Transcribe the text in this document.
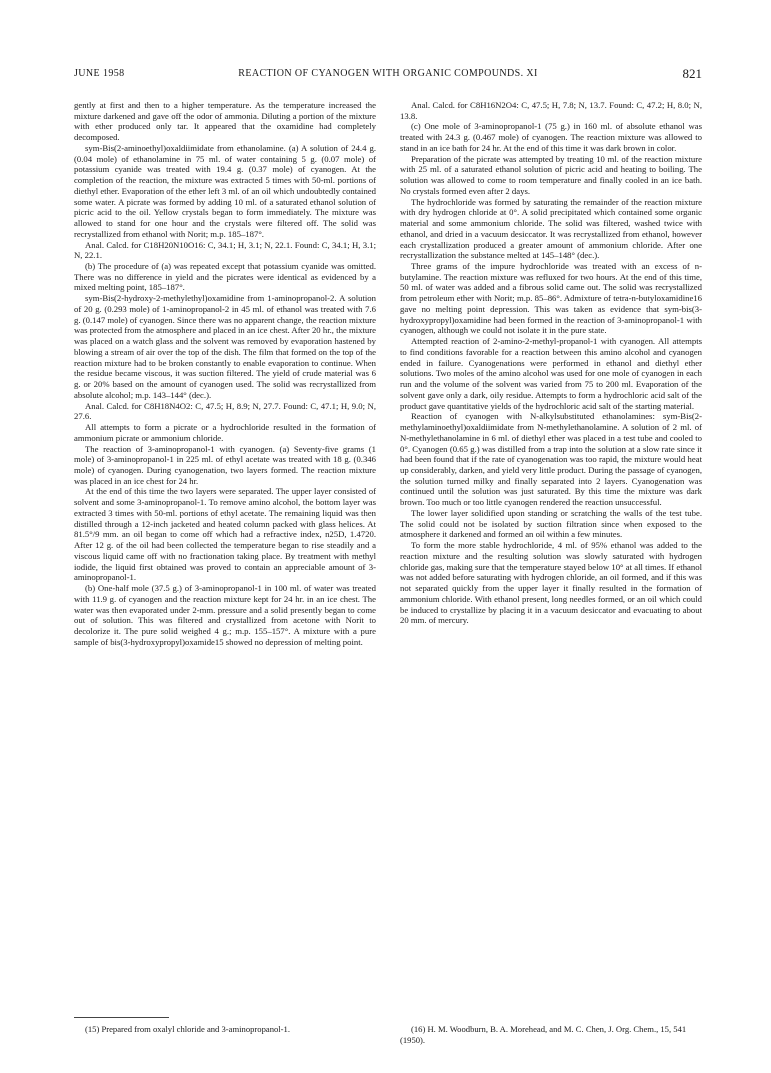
JUNE 1958	REACTION OF CYANOGEN WITH ORGANIC COMPOUNDS. XI	821

gently at first and then to a higher temperature. As the temperature increased the mixture darkened and gave off the odor of ammonia. Diluting a portion of the mixture with ether produced only tar. It appeared that the oxamidine had completely decomposed.

sym-Bis(2-aminoethyl)oxaldiimidate from ethanolamine. (a) A solution of 24.4 g. (0.04 mole) of ethanolamine in 75 ml. of water containing 5 g. (0.07 mole) of potassium cyanide was treated with 19.4 g. (0.37 mole) of cyanogen. At the completion of the reaction, the mixture was extracted 5 times with 50-ml. portions of diethyl ether. Evaporation of the ether left 3 ml. of an oil which undoubtedly contained some water. A picrate was formed by adding 10 ml. of a saturated ethanol solution of picric acid to the oil. Yellow crystals began to form immediately. The mixture was allowed to stand for one hour and the crystals were filtered off. The solid was recrystallized from ethanol with Norit; m.p. 185–187°.

Anal. Calcd. for C18H20N10O16: C, 34.1; H, 3.1; N, 22.1. Found: C, 34.1; H, 3.1; N, 22.1.

(b) The procedure of (a) was repeated except that potassium cyanide was omitted. There was no difference in yield and the picrates were identical as evidenced by a mixed melting point, 185–187°.

sym-Bis(2-hydroxy-2-methylethyl)oxamidine from 1-aminopropanol-2. A solution of 20 g. (0.293 mole) of 1-aminopropanol-2 in 45 ml. of ethanol was treated with 7.6 g. (0.147 mole) of cyanogen. Since there was no apparent change, the reaction mixture was protected from the atmosphere and placed in an ice chest. After 20 hr., the mixture was placed on a watch glass and the solvent was removed by evaporation hastened by blowing a stream of air over the top of the dish. The film that formed on the top of the reaction mixture had to be broken constantly to enable evaporation to continue. When the residue became viscous, it was suction filtered. The yield of crude material was 6 g. or 20% based on the amount of cyanogen used. The solid was recrystallized from absolute alcohol; m.p. 143–144° (dec.).

Anal. Calcd. for C8H18N4O2: C, 47.5; H, 8.9; N, 27.7. Found: C, 47.1; H, 9.0; N, 27.6.

All attempts to form a picrate or a hydrochloride resulted in the formation of ammonium picrate or ammonium chloride.

The reaction of 3-aminopropanol-1 with cyanogen. (a) Seventy-five grams (1 mole) of 3-aminopropanol-1 in 225 ml. of ethyl acetate was treated with 18 g. (0.346 mole) of cyanogen. During cyanogenation, two layers formed. The reaction mixture was placed in an ice chest for 24 hr.

At the end of this time the two layers were separated. The upper layer consisted of solvent and some 3-aminopropanol-1. To remove amino alcohol, the bottom layer was extracted 3 times with 50-ml. portions of ethyl acetate. The remaining liquid was then distilled through a 12-inch jacketed and heated column packed with glass helices. At 81.5°/9 mm. an oil began to come off which had a refractive index, n25D, 1.4720. After 12 g. of the oil had been collected the temperature began to rise steadily and a viscous liquid came off with no fractionation taking place. By treatment with methyl iodide, the liquid first obtained was proved to contain an appreciable amount of 3-aminopropanol-1.

(b) One-half mole (37.5 g.) of 3-aminopropanol-1 in 100 ml. of water was treated with 11.9 g. of cyanogen and the reaction mixture kept for 24 hr. in an ice chest. The water was then evaporated under 2-mm. pressure and a solid presently began to come out of solution. This was filtered and crystallized from acetone with Norit to decolorize it. The pure solid weighed 4 g.; m.p. 155–157°. A mixture with a pure sample of bis(3-hydroxypropyl)oxamide15 showed no depression of melting point.

Anal. Calcd. for C8H16N2O4: C, 47.5; H, 7.8; N, 13.7. Found: C, 47.2; H, 8.0; N, 13.8.

(c) One mole of 3-aminopropanol-1 (75 g.) in 160 ml. of absolute ethanol was treated with 24.3 g. (0.467 mole) of cyanogen. The reaction mixture was allowed to stand in an ice bath for 24 hr. At the end of this time it was dark brown in color.

Preparation of the picrate was attempted by treating 10 ml. of the reaction mixture with 25 ml. of a saturated ethanol solution of picric acid and heating to boiling. The solution was allowed to come to room temperature and finally cooled in an ice bath. No crystals formed even after 2 days.

The hydrochloride was formed by saturating the remainder of the reaction mixture with dry hydrogen chloride at 0°. A solid precipitated which contained some organic material and some ammonium chloride. The solid was filtered, washed twice with ethanol, and dried in a vacuum desiccator. It was recrystallized from ethanol, however each crystallization produced a greater amount of ammonium chloride. After one recrystallization the substance melted at 145–148° (dec.).

Three grams of the impure hydrochloride was treated with an excess of n-butylamine. The reaction mixture was refluxed for two hours. At the end of this time, 50 ml. of water was added and a fibrous solid came out. The solid was recrystallized from petroleum ether with Norit; m.p. 85–86°. Admixture of tetra-n-butyloxamidine16 gave no melting point depression. This was taken as evidence that sym-bis(3-hydroxypropyl)oxamidine had been formed in the reaction of 3-aminopropanol-1 with cyanogen, although we could not isolate it in the pure state.

Attempted reaction of 2-amino-2-methyl-propanol-1 with cyanogen. All attempts to find conditions favorable for a reaction between this amino alcohol and cyanogen ended in failure. Cyanogenations were performed in ethanol and diethyl ether solutions. Two moles of the amino alcohol was used for one mole of cyanogen in each run and the volume of the solvent was varied from 75 to 200 ml. Evaporation of the solvent gave only a dark, oily residue. Attempts to form a hydrochloric acid salt of the product gave quantitative yields of the hydrochloric acid salt of the starting material.

Reaction of cyanogen with N-alkylsubstituted ethanolamines: sym-Bis(2-methylaminoethyl)oxaldiimidate from N-methylethanolamine. A solution of 2 ml. of N-methylethanolamine in 6 ml. of diethyl ether was placed in a test tube and cooled to 0°. Cyanogen (0.65 g.) was distilled from a trap into the solution at a slow rate since it had been found that if the rate of cyanogenation was too rapid, the mixture would heat up considerably, darken, and yield very little product. During the passage of cyanogen, the solution turned milky and finally separated into 2 layers. Cyanogenation was continued until the solution was just saturated. By this time the mixture was dark brown. Too much or too little cyanogen rendered the reaction unsuccessful.

The lower layer solidified upon standing or scratching the walls of the test tube. The solid could not be isolated by suction filtration since when exposed to the atmosphere it darkened and formed an oil within a few minutes.

To form the more stable hydrochloride, 4 ml. of 95% ethanol was added to the reaction mixture and the resulting solution was slowly saturated with hydrogen chloride gas, making sure that the temperature stayed below 10° at all times. If ethanol was not added before saturating with hydrogen chloride, an oil formed, and if this was not separated quickly from the upper layer it finally resulted in the formation of ammonium chloride. With ethanol present, long needles formed, or an oil which could be induced to crystallize by placing it in a vacuum desiccator and evacuating to about 20 mm. of mercury.

(15) Prepared from oxalyl chloride and 3-aminopropanol-1.	(16) H. M. Woodburn, B. A. Morehead, and M. C. Chen, J. Org. Chem., 15, 541 (1950).
